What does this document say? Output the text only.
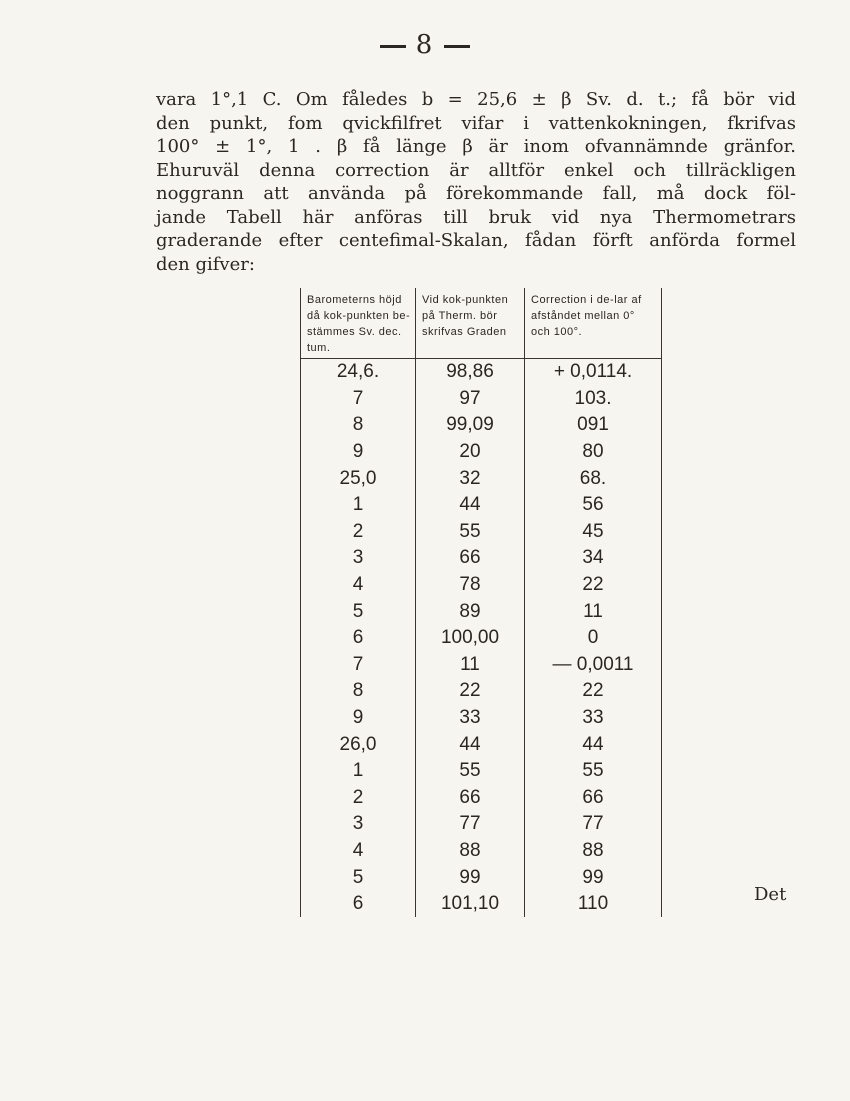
8
vara 1°,1 C. Om fåledes b = 25,6 ± β Sv. d. t.; få bör vid
den punkt, fom qvickfilfret vifar i vattenkokningen, fkrifvas
100° ± 1°, 1 . β få länge β är inom ofvannämnde gränfor.
Ehuruväl denna correction är alltför enkel och tillräckligen
noggrann att använda på förekommande fall, må dock föl-
jande Tabell här anföras till bruk vid nya Thermometrars
graderande efter centefimal-Skalan, fådan förft anförda formel
den gifver:
Barometerns höjd då kok-punkten be-stämmes Sv. dec. tum.	Vid kok-punkten på Therm. bör skrifvas Graden	Correction i de-lar af afståndet mellan 0° och 100°.
24,6.	98,86	+ 0,0114.
7	97	103.
8	99,09	091
9	20	80
25,0	32	68.
1	44	56
2	55	45
3	66	34
4	78	22
5	89	11
6	100,00	0
7	11	— 0,0011
8	22	22
9	33	33
26,0	44	44
1	55	55
2	66	66
3	77	77
4	88	88
5	99	99
6	101,10	110	Det
